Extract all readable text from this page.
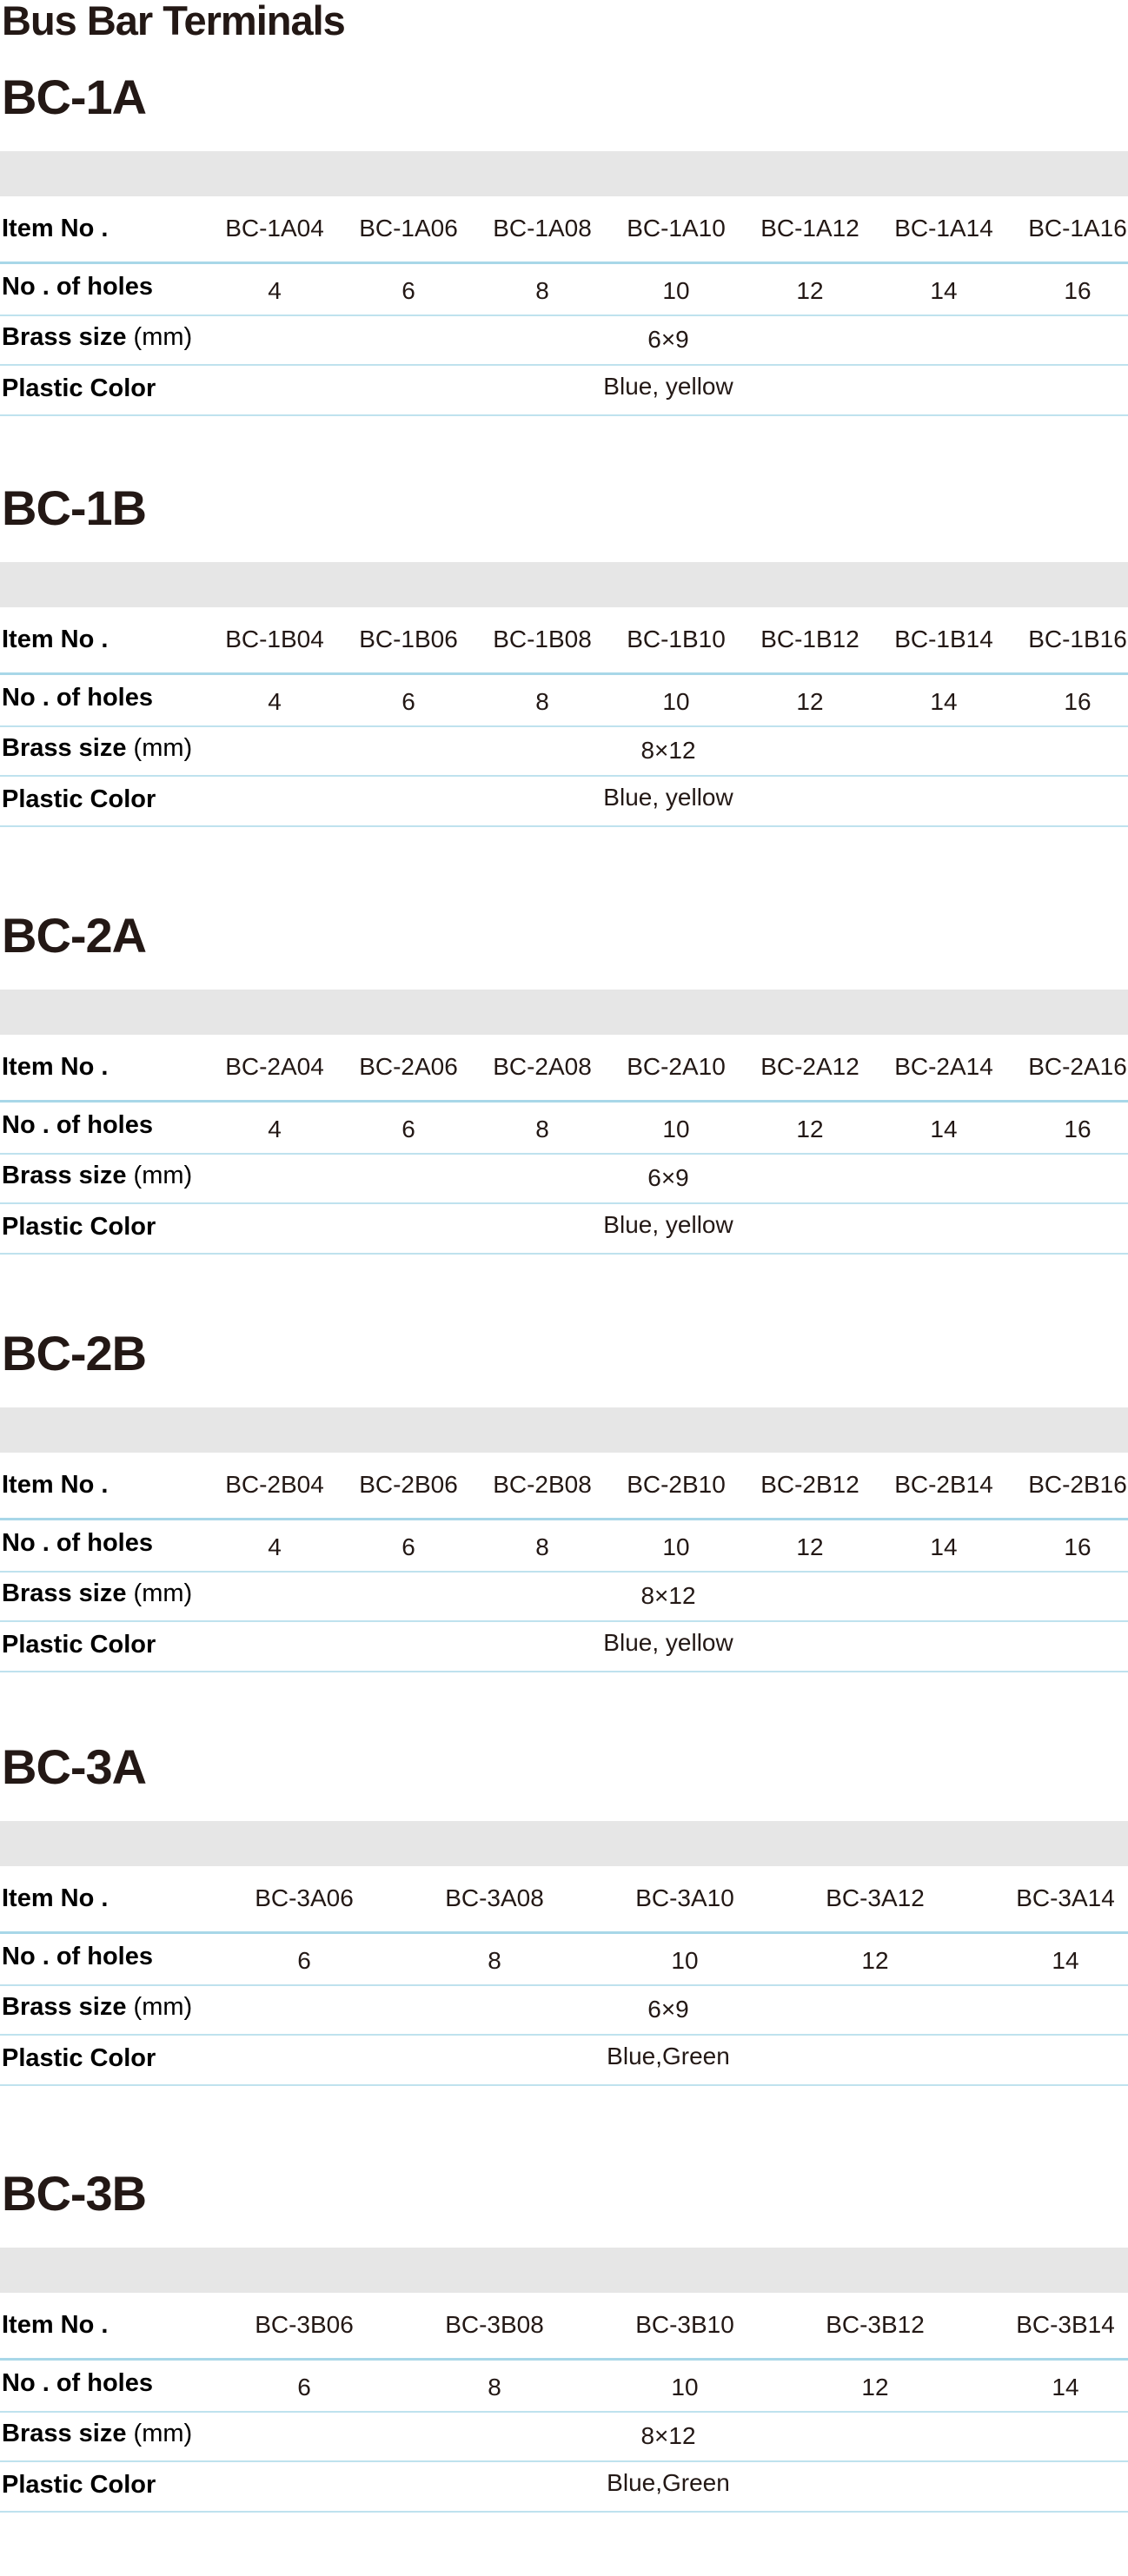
Bus Bar Terminals
BC-1A
Item No .	BC-1A04 BC-1A06 BC-1A08 BC-1A10 BC-1A12 BC-1A14 BC-1A16
No . of holes	4	6	8	10	12	14	16
Brass size (mm)	6×9
Plastic Color	Blue, yellow
BC-1B
Item No .	BC-1B04 BC-1B06 BC-1B08 BC-1B10 BC-1B12 BC-1B14 BC-1B16
No . of holes	4	6	8	10	12	14	16
Brass size (mm)	8×12
Plastic Color	Blue, yellow
BC-2A
Item No .	BC-2A04 BC-2A06 BC-2A08 BC-2A10 BC-2A12 BC-2A14 BC-2A16
No . of holes	4	6	8	10	12	14	16
Brass size (mm)	6×9
Plastic Color	Blue, yellow
BC-2B
Item No .	BC-2B04 BC-2B06 BC-2B08 BC-2B10 BC-2B12 BC-2B14 BC-2B16
No . of holes	4	6	8	10	12	14	16
Brass size (mm)	8×12
Plastic Color	Blue, yellow
BC-3A
Item No .	BC-3A06	BC-3A08	BC-3A10	BC-3A12	BC-3A14
No . of holes	6	8	10	12	14
Brass size (mm)	6×9
Plastic Color	Blue,Green
BC-3B
Item No .	BC-3B06	BC-3B08	BC-3B10	BC-3B12	BC-3B14
No . of holes	6	8	10	12	14
Brass size (mm)	8×12
Plastic Color	Blue,Green
